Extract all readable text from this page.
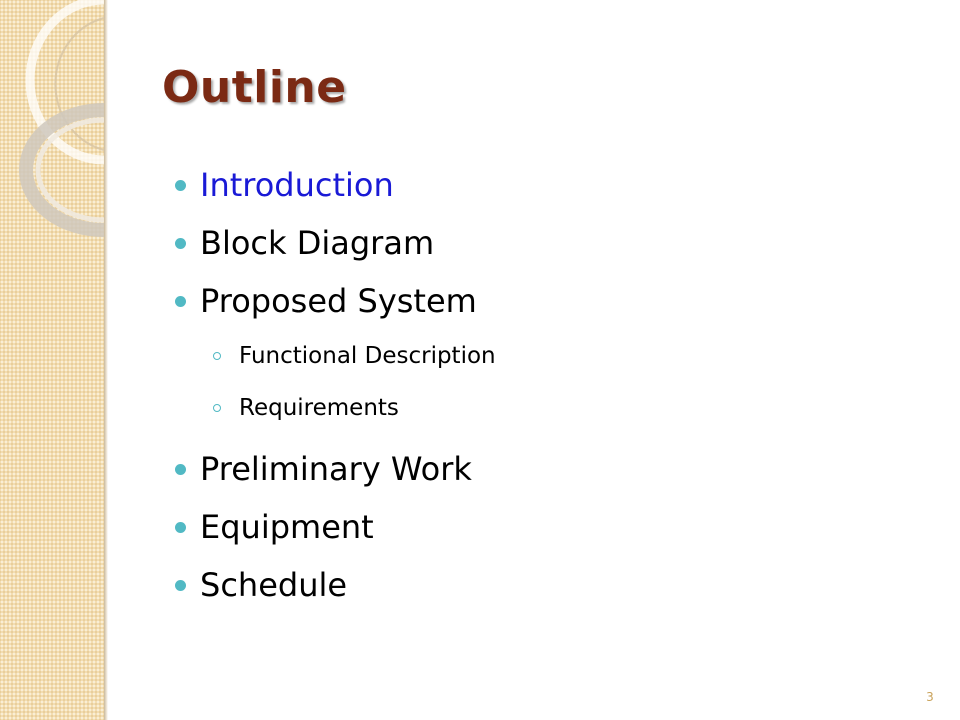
Outline
Introduction
Block Diagram
Proposed System
Functional Description
Requirements
Preliminary Work
Equipment
Schedule
3
